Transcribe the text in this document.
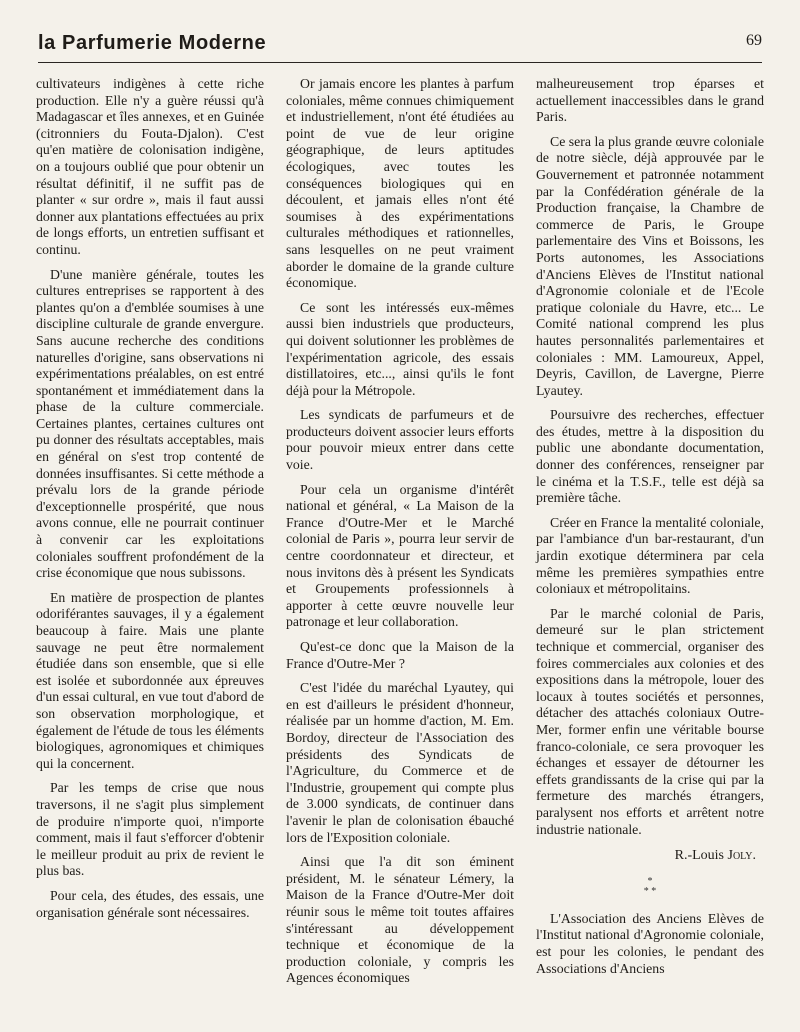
la Parfumerie Moderne	69

cultivateurs indigènes à cette riche production. Elle n'y a guère réussi qu'à Madagascar et îles annexes, et en Guinée (citronniers du Fouta-Djalon). C'est qu'en matière de colonisation indigène, on a toujours oublié que pour obtenir un résultat définitif, il ne suffit pas de planter « sur ordre », mais il faut aussi donner aux plantations effectuées au prix de longs efforts, un entretien suffisant et continu.

D'une manière générale, toutes les cultures entreprises se rapportent à des plantes qu'on a d'emblée soumises à une discipline culturale de grande envergure. Sans aucune recherche des conditions naturelles d'origine, sans observations ni expérimentations préalables, on est entré spontanément et immédiatement dans la phase de la culture commerciale. Certaines plantes, certaines cultures ont pu donner des résultats acceptables, mais en général on s'est trop contenté de données insuffisantes. Si cette méthode a prévalu lors de la grande période d'exceptionnelle prospérité, que nous avons connue, elle ne pourrait continuer à convenir car les exploitations coloniales souffrent profondément de la crise économique que nous subissons.

En matière de prospection de plantes odoriférantes sauvages, il y a également beaucoup à faire. Mais une plante sauvage ne peut être normalement étudiée dans son ensemble, que si elle est isolée et subordonnée aux épreuves d'un essai cultural, en vue tout d'abord de son observation morphologique, et également de l'étude de tous les éléments biologiques, agronomiques et chimiques qui la concernent.

Par les temps de crise que nous traversons, il ne s'agit plus simplement de produire n'importe quoi, n'importe comment, mais il faut s'efforcer d'obtenir le meilleur produit au prix de revient le plus bas.

Pour cela, des études, des essais, une organisation générale sont nécessaires.

Or jamais encore les plantes à parfum coloniales, même connues chimiquement et industriellement, n'ont été étudiées au point de vue de leur origine géographique, de leurs aptitudes écologiques, avec toutes les conséquences biologiques qui en découlent, et jamais elles n'ont été soumises à des expérimentations culturales méthodiques et rationnelles, sans lesquelles on ne peut vraiment aborder le domaine de la grande culture économique.

Ce sont les intéressés eux-mêmes aussi bien industriels que producteurs, qui doivent solutionner les problèmes de l'expérimentation agricole, des essais distillatoires, etc..., ainsi qu'ils le font déjà pour la Métropole.

Les syndicats de parfumeurs et de producteurs doivent associer leurs efforts pour pouvoir mieux entrer dans cette voie.

Pour cela un organisme d'intérêt national et général, « La Maison de la France d'Outre-Mer et le Marché colonial de Paris », pourra leur servir de centre coordonnateur et directeur, et nous invitons dès à présent les Syndicats et Groupements professionnels à apporter à cette œuvre nouvelle leur patronage et leur collaboration.

Qu'est-ce donc que la Maison de la France d'Outre-Mer ?

C'est l'idée du maréchal Lyautey, qui en est d'ailleurs le président d'honneur, réalisée par un homme d'action, M. Em. Bordoy, directeur de l'Association des présidents des Syndicats de l'Agriculture, du Commerce et de l'Industrie, groupement qui compte plus de 3.000 syndicats, de continuer dans l'avenir le plan de colonisation ébauché lors de l'Exposition coloniale.

Ainsi que l'a dit son éminent président, M. le sénateur Lémery, la Maison de la France d'Outre-Mer doit réunir sous le même toit toutes affaires s'intéressant au développement technique et économique de la production coloniale, y compris les Agences économiques

malheureusement trop éparses et actuellement inaccessibles dans le grand Paris.

Ce sera la plus grande œuvre coloniale de notre siècle, déjà approuvée par le Gouvernement et patronnée notamment par la Confédération générale de la Production française, la Chambre de commerce de Paris, le Groupe parlementaire des Vins et Boissons, les Ports autonomes, les Associations d'Anciens Elèves de l'Institut national d'Agronomie coloniale et de l'Ecole pratique coloniale du Havre, etc... Le Comité national comprend les plus hautes personnalités parlementaires et coloniales : MM. Lamoureux, Appel, Deyris, Cavillon, de Lavergne, Pierre Lyautey.

Poursuivre des recherches, effectuer des études, mettre à la disposition du public une abondante documentation, donner des conférences, renseigner par le cinéma et la T.S.F., telle est déjà sa première tâche.

Créer en France la mentalité coloniale, par l'ambiance d'un bar-restaurant, d'un jardin exotique déterminera par cela même les premières sympathies entre coloniaux et métropolitains.

Par le marché colonial de Paris, demeuré sur le plan strictement technique et commercial, organiser des foires commerciales aux colonies et des expositions dans la métropole, louer des locaux à toutes sociétés et personnes, détacher des attachés coloniaux Outre-Mer, former enfin une véritable bourse franco-coloniale, ce sera provoquer les échanges et essayer de détourner les effets grandissants de la crise qui par la fermeture des marchés étrangers, paralysent nos efforts et arrêtent notre industrie nationale.

R.-Louis Joly.

*
* *

L'Association des Anciens Elèves de l'Institut national d'Agronomie coloniale, est pour les colonies, le pendant des Associations d'Anciens
